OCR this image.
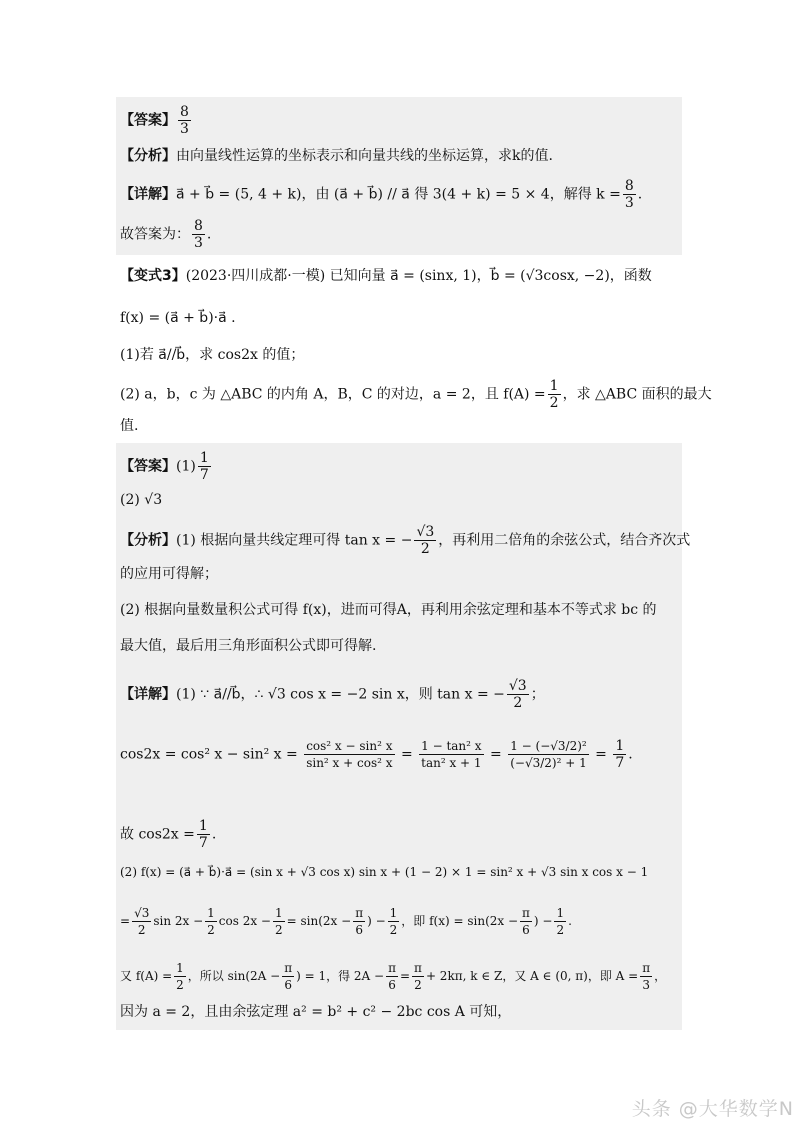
【答案】 $\frac{8}{3}$
【分析】由向量线性运算的坐标表示和向量共线的坐标运算，求k的值.
【详解】a⃗ + b⃗ = (5, 4 + k)，由 (a⃗ + b⃗) // a⃗ 得 3(4 + k) = 5 × 4，解得 $k = \frac{8}{3}$ .
故答案为： $\frac{8}{3}$ .
【变式3】(2023·四川成都·一模) 已知向量 a⃗ = (sinx, 1)，b⃗ = (√3cosx, −2)，函数
f(x) = (a⃗ + b⃗)·a⃗ .
(1)若 a⃗//b⃗，求 cos2x 的值；
(2) a，b，c 为 △ABC 的内角 A，B，C 的对边，a = 2，且 $f(A) = \frac{1}{2}$ ，求 △ABC 面积的最大
值.
【答案】$(1) \frac{1}{7}$
(2) √3
【分析】(1) 根据向量共线定理可得 tan x = − $\frac{√3}{2}$ ，再利用二倍角的余弦公式，结合齐次式
的应用可得解；
(2) 根据向量数量积公式可得 f(x)，进而可得A，再利用余弦定理和基本不等式求 bc 的
最大值，最后用三角形面积公式即可得解.
【详解】(1) ∵ a⃗//b⃗，∴ √3 cos x = −2 sin x，则 tan x = − $\frac{√3}{2}$ ；
cos2x = cos² x − sin² $x = \frac{\text{cos² x − sin² x}}{\text{sin² x + cos² x}} = \frac{\text{1 − tan² x}}{\text{tan² x + 1}} = \frac{\text{1 − (−√3/2)²}}{\text{(−√3/2)² + 1}} = \frac{1}{7}$ .
故 $\cos 2x = \frac{1}{7}$ .
(2) f(x) = (a⃗ + b⃗)·a⃗ = (sin x + √3 cos x) sin x + (1 − 2) × 1 = sin² x + √3 sin x cos x − 1
= $\frac{√3}{2}$ $\sin 2x - \frac{1}{2}$ $\cos 2x - \frac{1}{2} = \sin(2x - \frac{\pi}{6}$ ) − $\frac{1}{2}$ ，即 $f(x) = \sin(2x - \frac{\pi}{6}$ ) − $\frac{1}{2}$ .
又 $f(A) = \frac{1}{2}$ ，所以 $\sin(2A - \frac{\pi}{6}$ ) = 1，得 $2A - \frac{\pi}{6} = \frac{\pi}{2} + 2k\pi$, k ∈ Z，又 A ∈ (0, π)，即 $A = \frac{\pi}{3}$ ，
因为 a = 2，且由余弦定理 a² = b² + c² − 2bc cos A 可知，
头条 @大华数学N
